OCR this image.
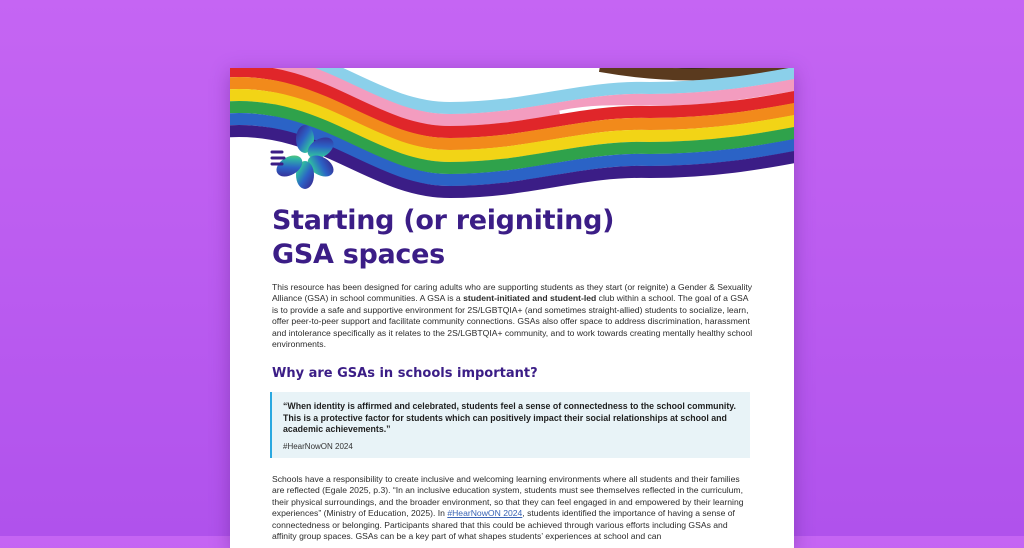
Starting (or reigniting)
GSA spaces

This resource has been designed for caring adults who are supporting students as they start (or reignite) a Gender & Sexuality Alliance (GSA) in school communities. A GSA is a student-initiated and student-led club within a school. The goal of a GSA is to provide a safe and supportive environment for 2S/LGBTQIA+ (and sometimes straight-allied) students to socialize, learn, offer peer-to-peer support and facilitate community connections. GSAs also offer space to address discrimination, harassment and intolerance specifically as it relates to the 2S/LGBTQIA+ community, and to work towards creating mentally healthy school environments.

Why are GSAs in schools important?

“When identity is affirmed and celebrated, students feel a sense of connectedness to the school community. This is a protective factor for students which can positively impact their social relationships at school and academic achievements.”

#HearNowON 2024

Schools have a responsibility to create inclusive and welcoming learning environments where all students and their families are reflected (Egale 2025, p.3). “In an inclusive education system, students must see themselves reflected in the curriculum, their physical surroundings, and the broader environment, so that they can feel engaged in and empowered by their learning experiences” (Ministry of Education, 2025). In #HearNowON 2024, students identified the importance of having a sense of connectedness or belonging. Participants shared that this could be achieved through various efforts including GSAs and affinity group spaces. GSAs can be a key part of what shapes students’ experiences at school and can
